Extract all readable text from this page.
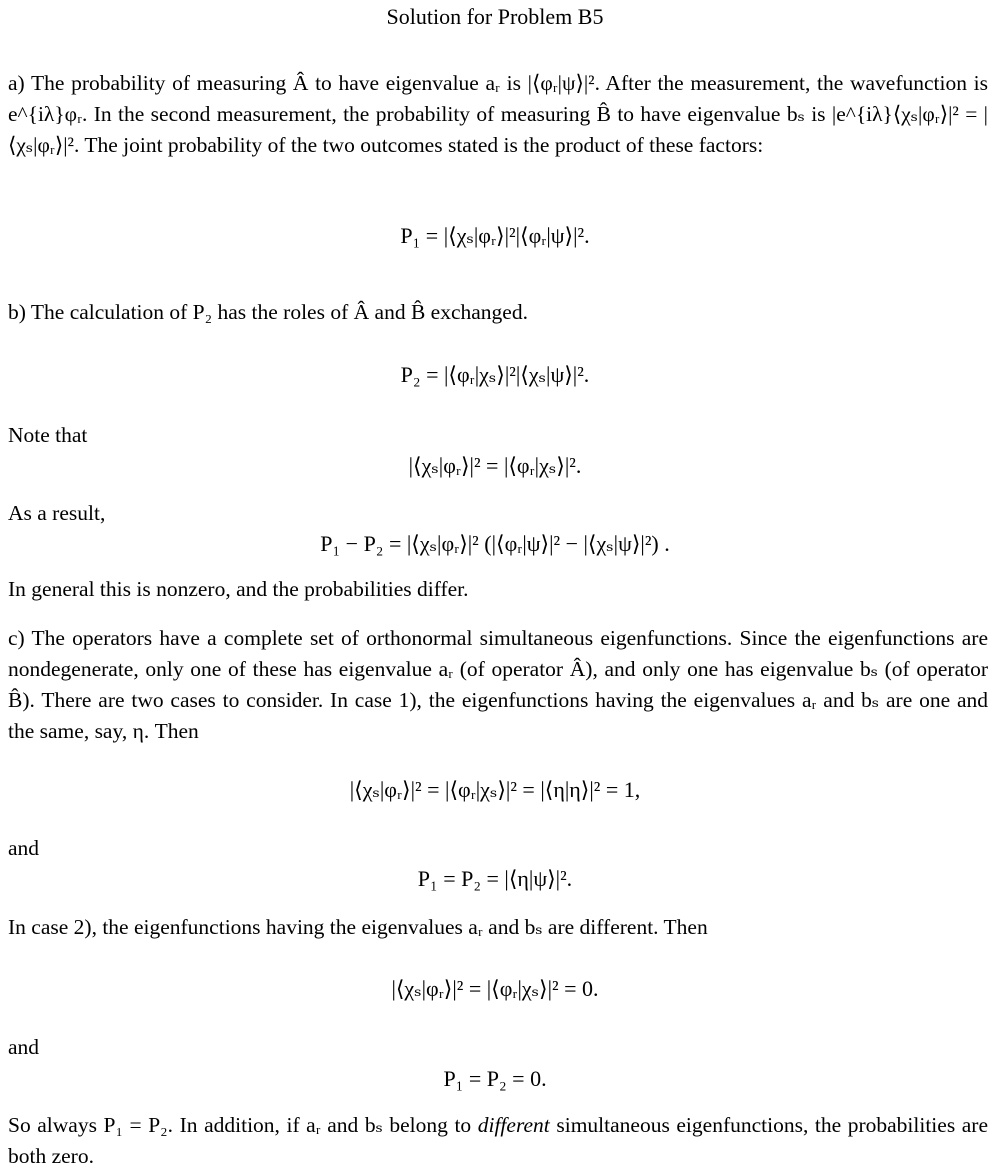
Solution for Problem B5
a) The probability of measuring Â to have eigenvalue aᵣ is |⟨φᵣ|ψ⟩|². After the measurement, the wavefunction is e^{iλ}φᵣ. In the second measurement, the probability of measuring B̂ to have eigenvalue bₛ is |e^{iλ}⟨χₛ|φᵣ⟩|² = |⟨χₛ|φᵣ⟩|². The joint probability of the two outcomes stated is the product of these factors:
P₁ = |⟨χₛ|φᵣ⟩|²|⟨φᵣ|ψ⟩|².
b) The calculation of P₂ has the roles of Â and B̂ exchanged.
P₂ = |⟨φᵣ|χₛ⟩|²|⟨χₛ|ψ⟩|².
Note that
|⟨χₛ|φᵣ⟩|² = |⟨φᵣ|χₛ⟩|².
As a result,
P₁ − P₂ = |⟨χₛ|φᵣ⟩|² (|⟨φᵣ|ψ⟩|² − |⟨χₛ|ψ⟩|²) .
In general this is nonzero, and the probabilities differ.
c) The operators have a complete set of orthonormal simultaneous eigenfunctions. Since the eigenfunctions are nondegenerate, only one of these has eigenvalue aᵣ (of operator Â), and only one has eigenvalue bₛ (of operator B̂). There are two cases to consider. In case 1), the eigenfunctions having the eigenvalues aᵣ and bₛ are one and the same, say, η. Then
|⟨χₛ|φᵣ⟩|² = |⟨φᵣ|χₛ⟩|² = |⟨η|η⟩|² = 1,
and
P₁ = P₂ = |⟨η|ψ⟩|².
In case 2), the eigenfunctions having the eigenvalues aᵣ and bₛ are different. Then
|⟨χₛ|φᵣ⟩|² = |⟨φᵣ|χₛ⟩|² = 0.
and
P₁ = P₂ = 0.
So always P₁ = P₂. In addition, if aᵣ and bₛ belong to different simultaneous eigenfunctions, the probabilities are both zero.
